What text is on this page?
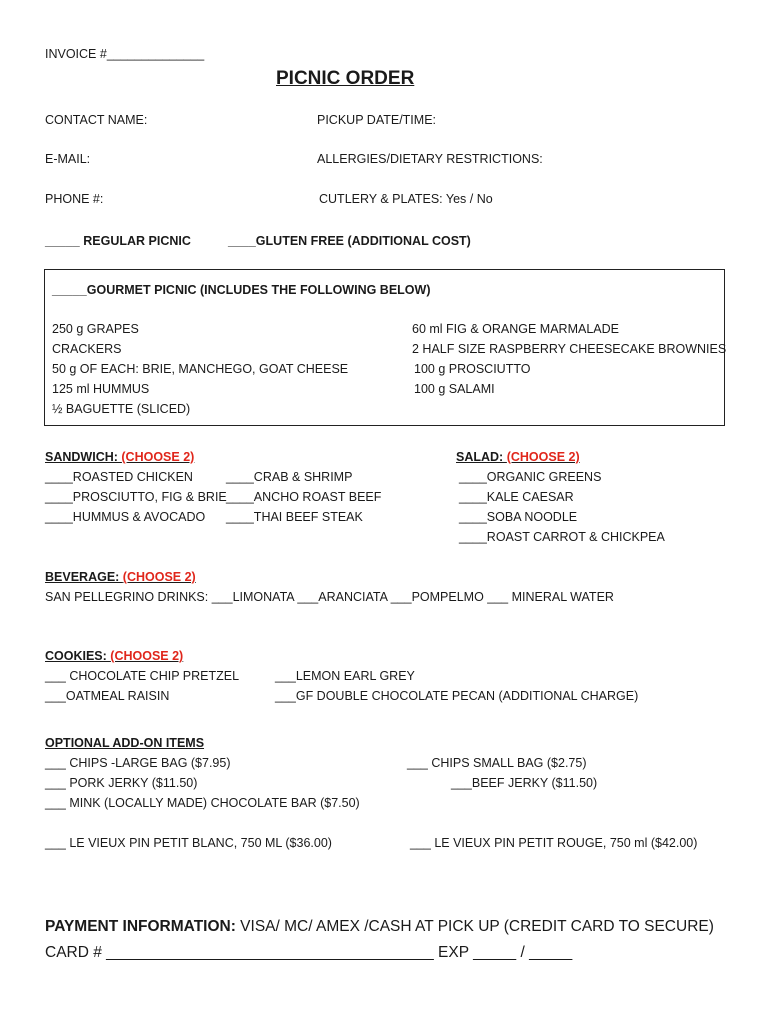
INVOICE #______________
PICNIC ORDER
CONTACT NAME:	PICKUP DATE/TIME:
E-MAIL:	ALLERGIES/DIETARY RESTRICTIONS:
PHONE #:	CUTLERY & PLATES: Yes / No
_____ REGULAR PICNIC	____GLUTEN FREE (ADDITIONAL COST)
_____GOURMET PICNIC (INCLUDES THE FOLLOWING BELOW)
250 g GRAPES
CRACKERS
50 g OF EACH: BRIE, MANCHEGO, GOAT CHEESE
125 ml HUMMUS
½ BAGUETTE (SLICED)
60 ml FIG & ORANGE MARMALADE
2 HALF SIZE RASPBERRY CHEESECAKE BROWNIES
100 g PROSCIUTTO
100 g SALAMI
SANDWICH: (CHOOSE 2)
____ROASTED CHICKEN
____PROSCIUTTO, FIG & BRIE
____HUMMUS & AVOCADO
____CRAB & SHRIMP
____ANCHO ROAST BEEF
____THAI BEEF STEAK
SALAD: (CHOOSE 2)
____ORGANIC GREENS
____KALE CAESAR
____SOBA NOODLE
____ROAST CARROT & CHICKPEA
BEVERAGE: (CHOOSE 2)
SAN PELLEGRINO DRINKS: ___LIMONATA ___ARANCIATA ___POMPELMO ___ MINERAL WATER
COOKIES: (CHOOSE 2)
___ CHOCOLATE CHIP PRETZEL
___OATMEAL RAISIN
___LEMON EARL GREY
___GF DOUBLE CHOCOLATE PECAN (ADDITIONAL CHARGE)
OPTIONAL ADD-ON ITEMS
___ CHIPS -LARGE BAG ($7.95)
___ PORK JERKY ($11.50)
___ MINK (LOCALLY MADE) CHOCOLATE BAR ($7.50)
___ CHIPS SMALL BAG ($2.75)
___BEEF JERKY ($11.50)
___ LE VIEUX PIN PETIT BLANC, 750 ML ($36.00)	___ LE VIEUX PIN PETIT ROUGE, 750 ml ($42.00)
PAYMENT INFORMATION: VISA/ MC/ AMEX /CASH AT PICK UP (CREDIT CARD TO SECURE)
CARD # ______________________________________ EXP _____ / _____
